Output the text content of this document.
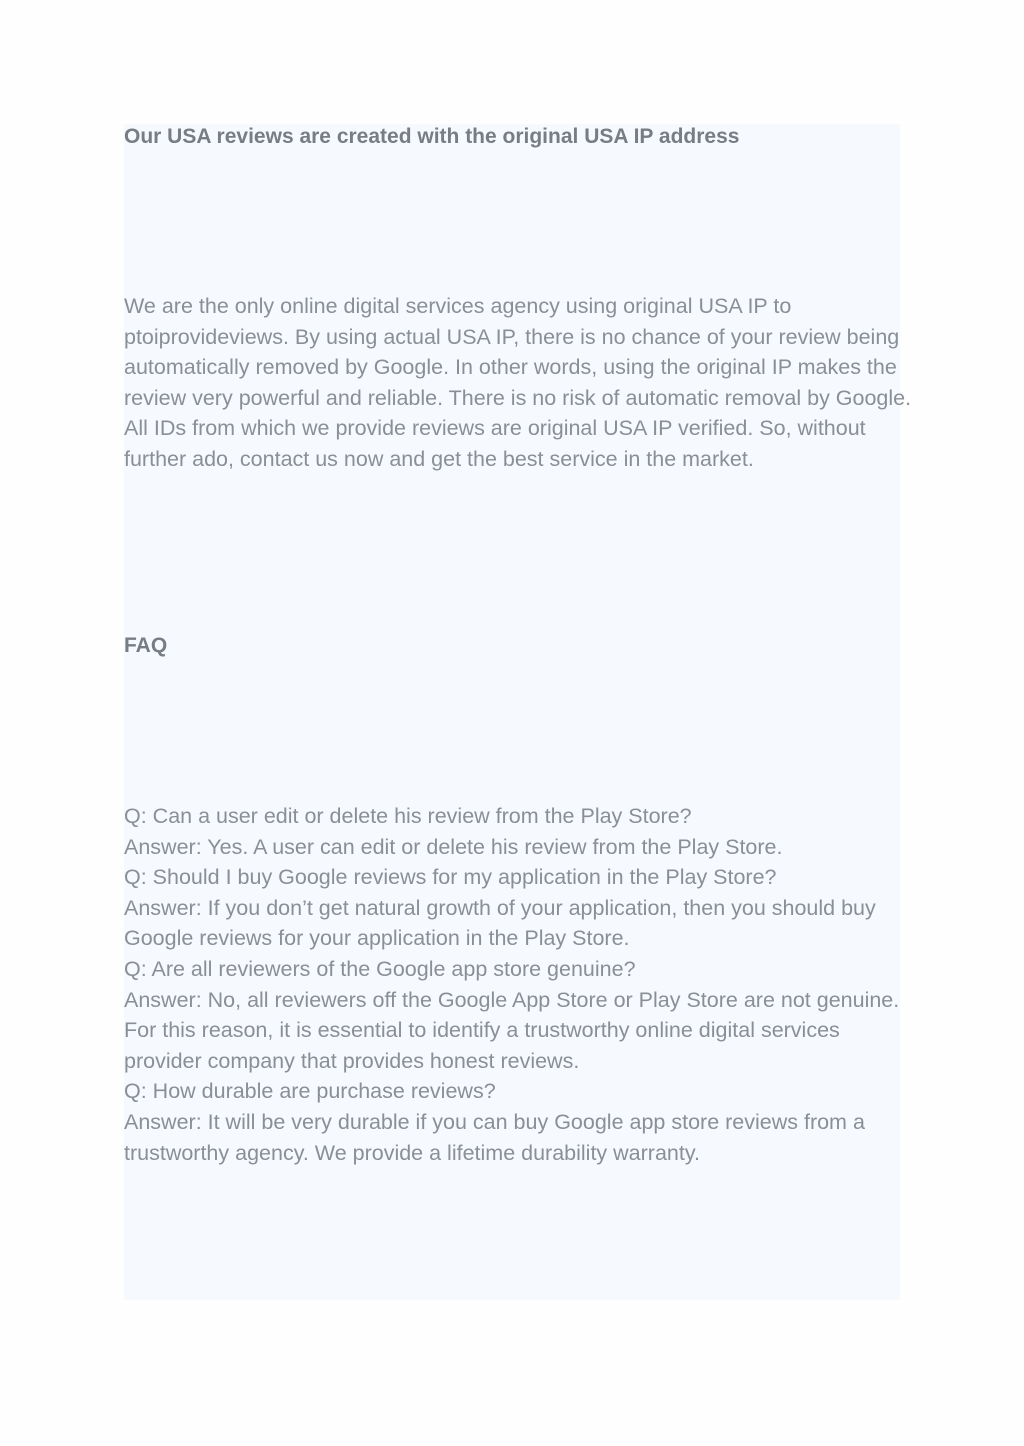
Our USA reviews are created with the original USA IP address

We are the only online digital services agency using original USA IP to ptoiprovideviews. By using actual USA IP, there is no chance of your review being automatically removed by Google. In other words, using the original IP makes the review very powerful and reliable. There is no risk of automatic removal by Google. All IDs from which we provide reviews are original USA IP verified. So, without further ado, contact us now and get the best service in the market.

FAQ
Q: Can a user edit or delete his review from the Play Store?
Answer: Yes. A user can edit or delete his review from the Play Store.
Q: Should I buy Google reviews for my application in the Play Store?
Answer: If you don’t get natural growth of your application, then you should buy Google reviews for your application in the Play Store.
Q: Are all reviewers of the Google app store genuine?
Answer: No, all reviewers off the Google App Store or Play Store are not genuine. For this reason, it is essential to identify a trustworthy online digital services provider company that provides honest reviews.
Q: How durable are purchase reviews?
Answer: It will be very durable if you can buy Google app store reviews from a trustworthy agency. We provide a lifetime durability warranty.
